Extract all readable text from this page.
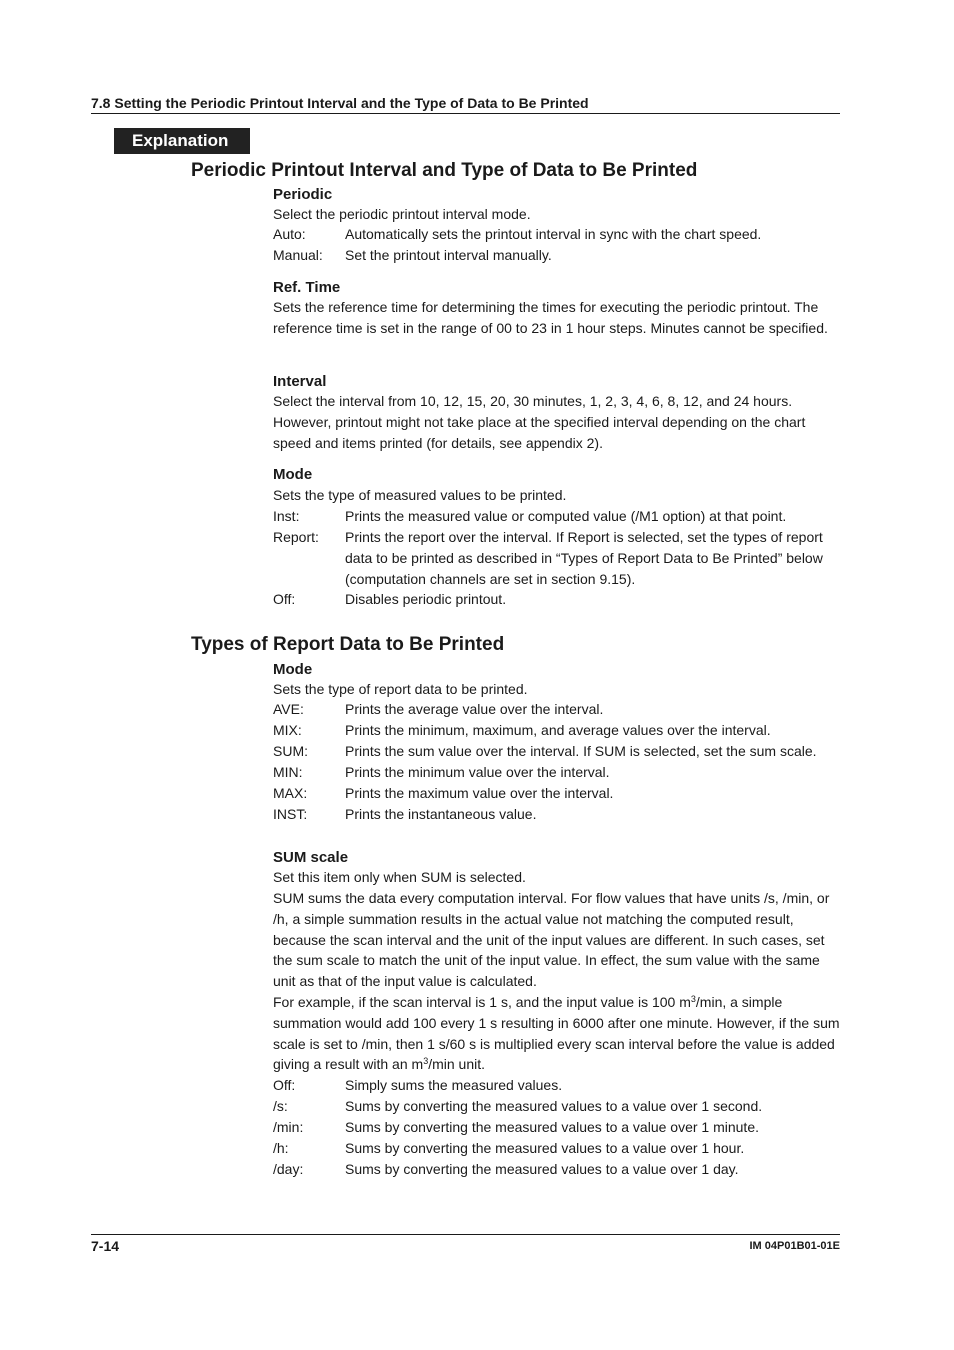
7.8 Setting the Periodic Printout Interval and the Type of Data to Be Printed
Explanation
Periodic Printout Interval and Type of Data to Be Printed
Periodic
Select the periodic printout interval mode.
Auto:	Automatically sets the printout interval in sync with the chart speed.
Manual: Set the printout interval manually.
Ref. Time
Sets the reference time for determining the times for executing the periodic printout. The reference time is set in the range of 00 to 23 in 1 hour steps. Minutes cannot be specified.
Interval
Select the interval from 10, 12, 15, 20, 30 minutes, 1, 2, 3, 4, 6, 8, 12, and 24 hours. However, printout might not take place at the specified interval depending on the chart speed and items printed (for details, see appendix 2).
Mode
Sets the type of measured values to be printed.
Inst:	Prints the measured value or computed value (/M1 option) at that point.
Report: Prints the report over the interval. If Report is selected, set the types of report data to be printed as described in “Types of Report Data to Be Printed” below (computation channels are set in section 9.15).
Off:	Disables periodic printout.
Types of Report Data to Be Printed
Mode
Sets the type of report data to be printed.
AVE:	Prints the average value over the interval.
MIX:	Prints the minimum, maximum, and average values over the interval.
SUM:	Prints the sum value over the interval. If SUM is selected, set the sum scale.
MIN:	Prints the minimum value over the interval.
MAX:	Prints the maximum value over the interval.
INST:	Prints the instantaneous value.
SUM scale
Set this item only when SUM is selected.
SUM sums the data every computation interval. For flow values that have units /s, /min, or /h, a simple summation results in the actual value not matching the computed result, because the scan interval and the unit of the input values are different. In such cases, set the sum scale to match the unit of the input value. In effect, the sum value with the same unit as that of the input value is calculated.
For example, if the scan interval is 1 s, and the input value is 100 $m^3/\min$, a simple summation would add 100 every 1 s resulting in 6000 after one minute. However, if the sum scale is set to /min, then 1 s/60 s is multiplied every scan interval before the value is added giving a result with an $m^3/\min$ unit.
Off:	Simply sums the measured values.
/s:	Sums by converting the measured values to a value over 1 second.
/min:	Sums by converting the measured values to a value over 1 minute.
/h:	Sums by converting the measured values to a value over 1 hour.
/day:	Sums by converting the measured values to a value over 1 day.
7-14	IM 04P01B01-01E
